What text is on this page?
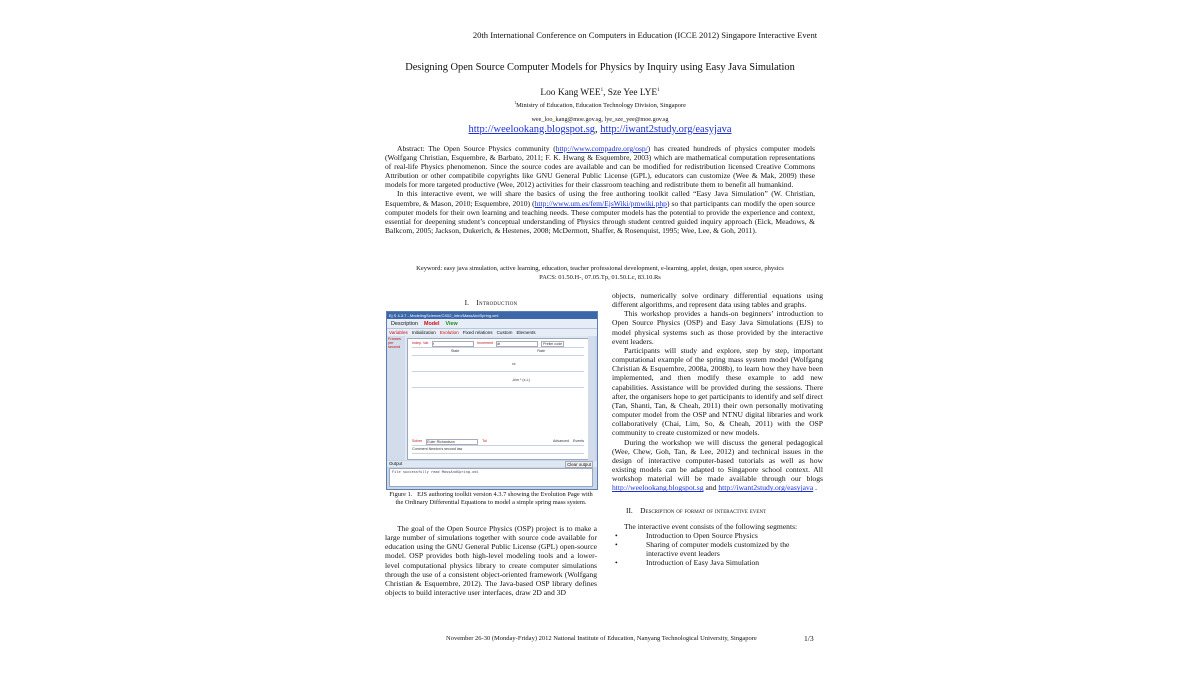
20th International Conference on Computers in Education (ICCE 2012) Singapore Interactive Event
Designing Open Source Computer Models for Physics by Inquiry using Easy Java Simulation
Loo Kang WEE$^1$, Sze Yee LYE$^1$
$^1$Ministry of Education, Education Technology Division, Singapore
wee_loo_kang@moe.gov.sg, lye_sze_yee@moe.gov.sg
http://weelookang.blogspot.sg, http://iwant2study.org/easyjava

Abstract: The Open Source Physics community (http://www.compadre.org/osp/) has created hundreds of physics computer models (Wolfgang Christian, Esquembre, & Barbato, 2011; F. K. Hwang & Esquembre, 2003) which are mathematical computation representations of real-life Physics phenomenon. Since the source codes are available and can be modified for redistribution licensed Creative Commons Attribution or other compatibile copyrights like GNU General Public License (GPL), educators can customize (Wee & Mak, 2009) these models for more targeted productive (Wee, 2012) activities for their classroom teaching and redistribute them to benefit all humankind.

In this interactive event, we will share the basics of using the free authoring toolkit called “Easy Java Simulation” (W. Christian, Esquembre, & Mason, 2010; Esquembre, 2010) (http://www.um.es/fem/EjsWiki/pmwiki.php) so that participants can modify the open source computer models for their own learning and teaching needs. These computer models has the potential to provide the experience and context, essential for deepening student’s conceptual understanding of Physics through student centred guided inquiry approach (Eick, Meadows, & Balkcom, 2005; Jackson, Dukerich, & Hestenes, 2008; McDermott, Shaffer, & Rosenquist, 1995; Wee, Lee, & Goh, 2011).

Keyword: easy java simulation, active learning, education, teacher professional development, e-learning, applet, design, open source, physics
PACS: 01.50.H-, 07.05.Tp, 01.50.Lc, 83.10.Rs
I. Introduction
Ej S 4.3.7 - ModelingScience/CS02_Intro/MassAndSpring.xml
Description Model View
Variables Initialization Evolution Fixed relations Custom Elements
Frames per second
Indep. Var. t	Increment dt	Prelim code
State	Rate
vx
-k/m * (x-L)
Solver Euler Richardson	Tol	Advanced Events
Comment Newton's second law
Output	Clear output
File successfully read MassAndSpring.xml
Figure 1.   EJS authoring toolkit version 4.3.7 showing the Evolution Page with the Ordinary Differential Equations to model a simple spring mass system.

The goal of the Open Source Physics (OSP) project is to make a large number of simulations together with source code available for education using the GNU General Public License (GPL) open-source model. OSP provides both high-level modeling tools and a lower-level computational physics library to create computer simulations through the use of a consistent object-oriented framework (Wolfgang Christian & Esquembre, 2012). The Java-based OSP library defines objects to build interactive user interfaces, draw 2D and 3D

objects, numerically solve ordinary differential equations using different algorithms, and represent data using tables and graphs.

This workshop provides a hands-on beginners’ introduction to Open Source Physics (OSP) and Easy Java Simulations (EJS) to model physical systems such as those provided by the interactive event leaders.

Participants will study and explore, step by step, important computational example of the spring mass system model (Wolfgang Christian & Esquembre, 2008a, 2008b), to learn how they have been implemented, and then modify these example to add new capabilities. Assistance will be provided during the sessions. There after, the organisers hope to get participants to identify and self direct (Tan, Shanti, Tan, & Cheah, 2011) their own personally motivating computer model from the OSP and NTNU digital libraries and work collaboratively (Chai, Lim, So, & Cheah, 2011) with the OSP community to create customized or new models.

During the workshop we will discuss the general pedagogical (Wee, Chew, Goh, Tan, & Lee, 2012) and technical issues in the design of interactive computer-based tutorials as well as how existing models can be adapted to Singapore school context. All workshop material will be made available through our blogs http://weelookang.blogspot.sg and http://iwant2study.org/easyjava .

II. Description of format of interactive event

The interactive event consists of the following segments:

• Introduction to Open Source Physics
• Sharing of computer models customized by the interactive event leaders
• Introduction of Easy Java Simulation
November 26-30 (Monday-Friday) 2012 National Institute of Education, Nanyang Technological University, Singapore	1/3
